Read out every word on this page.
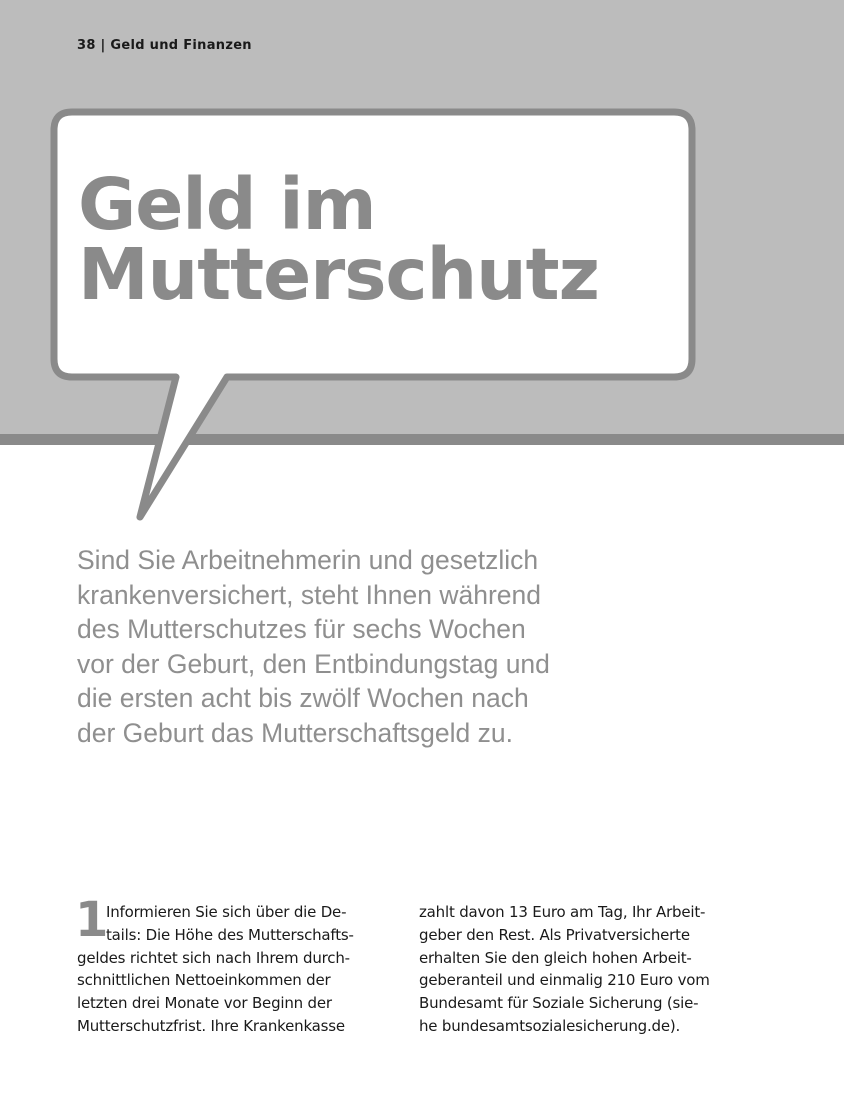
38 | Geld und Finanzen
Geld im
Mutterschutz
Sind Sie Arbeitnehmerin und gesetzlich
krankenversichert, steht Ihnen während
des Mutterschutzes für sechs Wochen
vor der Geburt, den Entbindungstag und
die ersten acht bis zwölf Wochen nach
der Geburt das Mutterschaftsgeld zu.
1
Informieren Sie sich über die De-
tails: Die Höhe des Mutterschafts-
geldes richtet sich nach Ihrem durch-
schnittlichen Nettoeinkommen der
letzten drei Monate vor Beginn der
Mutterschutzfrist. Ihre Krankenkasse
zahlt davon 13 Euro am Tag, Ihr Arbeit-
geber den Rest. Als Privatversicherte
erhalten Sie den gleich hohen Arbeit-
geberanteil und einmalig 210 Euro vom
Bundesamt für Soziale Sicherung (sie-
he bundesamtsozialesicherung.de).
